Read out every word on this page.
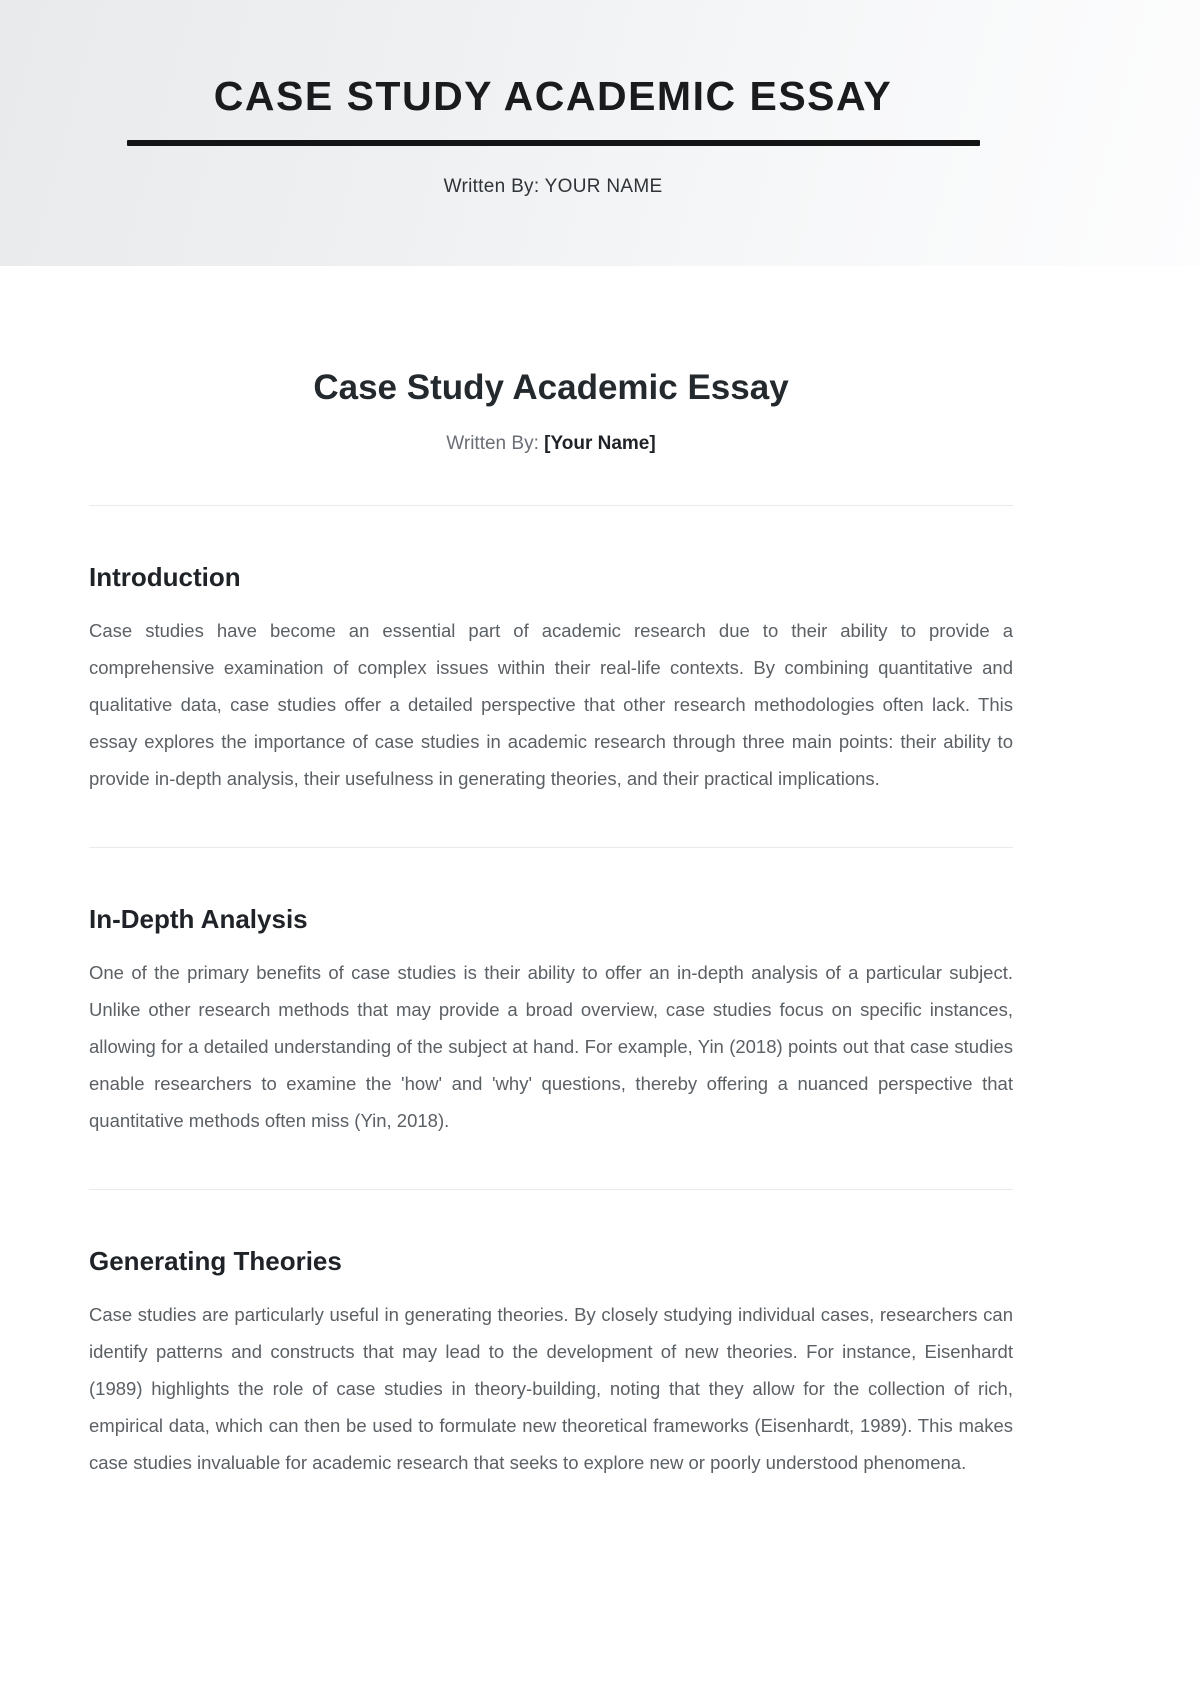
CASE STUDY ACADEMIC ESSAY
Written By: YOUR NAME
Case Study Academic Essay

Written By: [Your Name]

Introduction

Case studies have become an essential part of academic research due to their ability to provide a comprehensive examination of complex issues within their real-life contexts. By combining quantitative and qualitative data, case studies offer a detailed perspective that other research methodologies often lack. This essay explores the importance of case studies in academic research through three main points: their ability to provide in-depth analysis, their usefulness in generating theories, and their practical implications.

In-Depth Analysis

One of the primary benefits of case studies is their ability to offer an in-depth analysis of a particular subject. Unlike other research methods that may provide a broad overview, case studies focus on specific instances, allowing for a detailed understanding of the subject at hand. For example, Yin (2018) points out that case studies enable researchers to examine the 'how' and 'why' questions, thereby offering a nuanced perspective that quantitative methods often miss (Yin, 2018).

Generating Theories

Case studies are particularly useful in generating theories. By closely studying individual cases, researchers can identify patterns and constructs that may lead to the development of new theories. For instance, Eisenhardt (1989) highlights the role of case studies in theory-building, noting that they allow for the collection of rich, empirical data, which can then be used to formulate new theoretical frameworks (Eisenhardt, 1989). This makes case studies invaluable for academic research that seeks to explore new or poorly understood phenomena.
